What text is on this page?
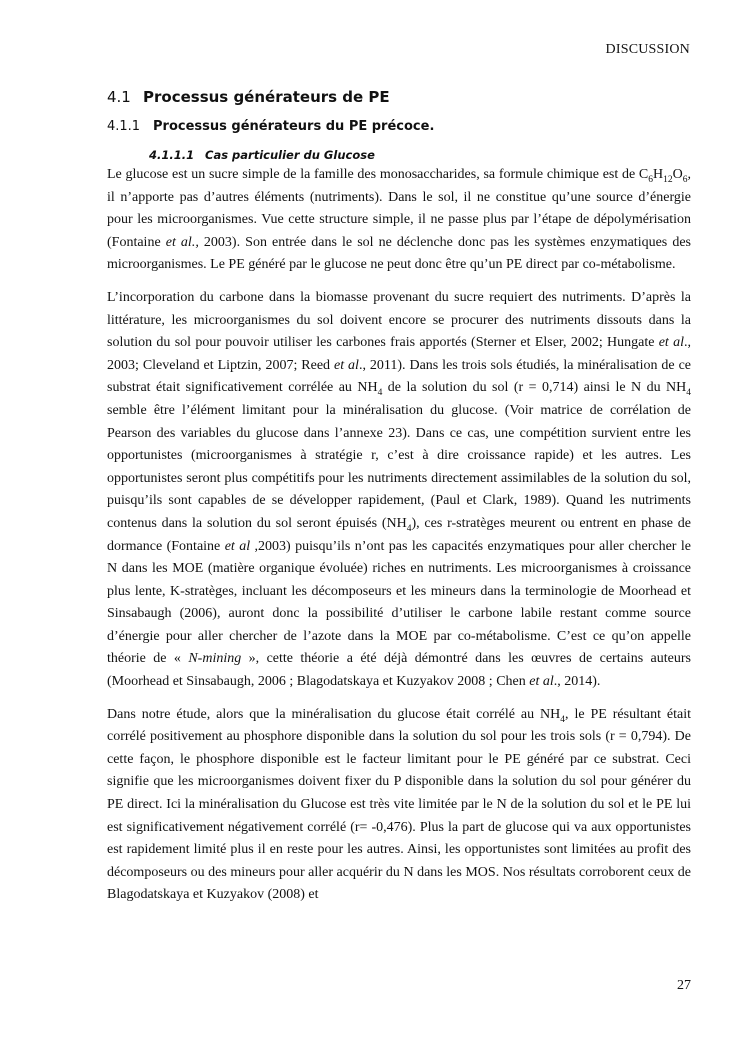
DISCUSSION
4.1 Processus générateurs de PE
4.1.1 Processus générateurs du PE précoce.
4.1.1.1 Cas particulier du Glucose

Le glucose est un sucre simple de la famille des monosaccharides, sa formule chimique est de $C_6H_{12}O_6$, il n’apporte pas d’autres éléments (nutriments). Dans le sol, il ne constitue qu’une source d’énergie pour les microorganismes. Vue cette structure simple, il ne passe plus par l’étape de dépolymérisation (Fontaine et al., 2003). Son entrée dans le sol ne déclenche donc pas les systèmes enzymatiques des microorganismes. Le PE généré par le glucose ne peut donc être qu’un PE direct par co-métabolisme.

L’incorporation du carbone dans la biomasse provenant du sucre requiert des nutriments. D’après la littérature, les microorganismes du sol doivent encore se procurer des nutriments dissouts dans la solution du sol pour pouvoir utiliser les carbones frais apportés (Sterner et Elser, 2002; Hungate et al., 2003; Cleveland et Liptzin, 2007; Reed et al., 2011). Dans les trois sols étudiés, la minéralisation de ce substrat était significativement corrélée au $NH_4$ de la solution du sol (r = 0,714) ainsi le N du $NH_4$ semble être l’élément limitant pour la minéralisation du glucose. (Voir matrice de corrélation de Pearson des variables du glucose dans l’annexe 23). Dans ce cas, une compétition survient entre les opportunistes (microorganismes à stratégie r, c’est à dire croissance rapide) et les autres. Les opportunistes seront plus compétitifs pour les nutriments directement assimilables de la solution du sol, puisqu’ils sont capables de se développer rapidement, (Paul et Clark, 1989). Quand les nutriments contenus dans la solution du sol seront épuisés $(NH_4)$, ces r-stratèges meurent ou entrent en phase de dormance (Fontaine et al ,2003) puisqu’ils n’ont pas les capacités enzymatiques pour aller chercher le N dans les MOE (matière organique évoluée) riches en nutriments. Les microorganismes à croissance plus lente, K-stratèges, incluant les décomposeurs et les mineurs dans la terminologie de Moorhead et Sinsabaugh (2006), auront donc la possibilité d’utiliser le carbone labile restant comme source d’énergie pour aller chercher de l’azote dans la MOE par co-métabolisme. C’est ce qu’on appelle théorie de « N-mining », cette théorie a été déjà démontré dans les œuvres de certains auteurs (Moorhead et Sinsabaugh, 2006 ; Blagodatskaya et Kuzyakov 2008 ; Chen et al., 2014).

Dans notre étude, alors que la minéralisation du glucose était corrélé au $NH_4$, le PE résultant était corrélé positivement au phosphore disponible dans la solution du sol pour les trois sols (r = 0,794). De cette façon, le phosphore disponible est le facteur limitant pour le PE généré par ce substrat. Ceci signifie que les microorganismes doivent fixer du P disponible dans la solution du sol pour générer du PE direct. Ici la minéralisation du Glucose est très vite limitée par le N de la solution du sol et le PE lui est significativement négativement corrélé (r= -0,476). Plus la part de glucose qui va aux opportunistes est rapidement limité plus il en reste pour les autres. Ainsi, les opportunistes sont limitées au profit des décomposeurs ou des mineurs pour aller acquérir du N dans les MOS. Nos résultats corroborent ceux de Blagodatskaya et Kuzyakov (2008) et

27
